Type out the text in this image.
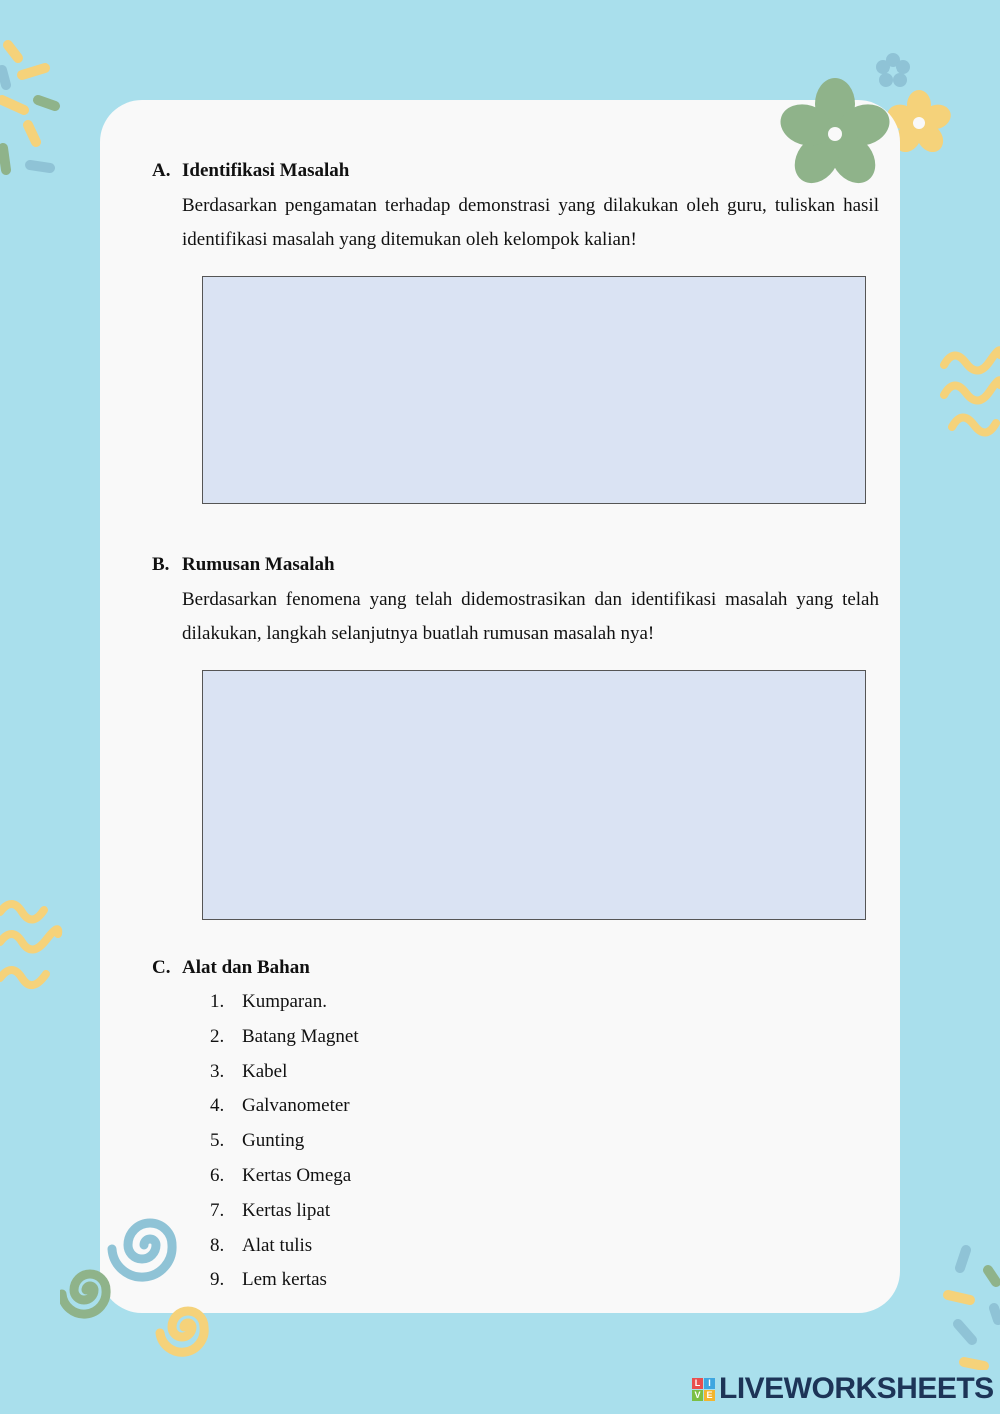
A. Identifikasi Masalah

Berdasarkan pengamatan terhadap demonstrasi yang dilakukan oleh guru, tuliskan hasil identifikasi masalah yang ditemukan oleh kelompok kalian!

B. Rumusan Masalah

Berdasarkan fenomena yang telah didemostrasikan dan identifikasi masalah yang telah dilakukan, langkah selanjutnya buatlah rumusan masalah nya!

C. Alat dan Bahan
1. Kumparan.
2. Batang Magnet
3. Kabel
4. Galvanometer
5. Gunting
6. Kertas Omega
7. Kertas lipat
8. Alat tulis
9. Lem kertas
L I
V E LIVEWORKSHEETS
